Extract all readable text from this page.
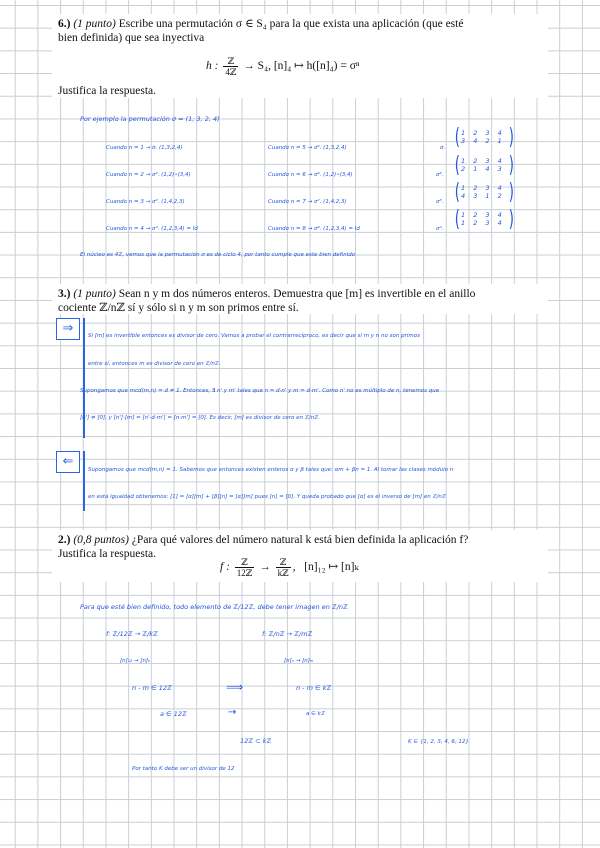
6.) (1 punto) Escribe una permutación σ ∈ S₄ para la que exista una aplicación (que esté
bien definida) que sea inyectiva
h : $\frac{\text{ℤ}}{\text{4ℤ}} \to S_4$, [n]₄ ↦ h([n]₄) = σⁿ
Justifica la respuesta.
Por ejemplo la permutación σ = (1, 3, 2, 4)
Cuando n = 1 → σ. (1,3,2,4)	Cuando n = 5 → σ⁵. (1,3,2,4)	σ. ( 1 2 3 4
3 4 2 1 )
Cuando n = 2 → σ². (1,2)∘(3,4)	Cuando n = 6 → σ⁶. (1,2)∘(3,4)	σ². ( 1 2 3 4
2 1 4 3 )
Cuando n = 3 → σ³. (1,4,2,3)	Cuando n = 7 → σ⁷. (1,4,2,3)	σ³. ( 1 2 3 4
4 3 1 2 )
Cuando n = 4 → σ⁴. (1,2,3,4) = Id	Cuando n = 8 → σ⁸. (1,2,3,4) = Id	σ⁴. ( 1 2 3 4
1 2 3 4 )
El núcleo es 4ℤ, vemos que la permutación σ es de ciclo 4, por tanto cumple que este bien definido
3.) (1 punto) Sean n y m dos números enteros. Demuestra que [m] es invertible en el anillo
cociente ℤ/nℤ sí y sólo si n y m son primos entre sí.
⇒	Si [m] es invertible entonces es divisor de cero. Vamos a probar el contrarrecíproco, es decir que si m y n no son primos
entre sí, entonces m es divisor de cero en ℤ/nℤ.
Supongamos que mcd(m,n) = d ≠ 1. Entonces, ∃ n' y m' tales que n = d·n' y m = d·m'. Como n' no es múltiplo de n, tenemos que
[n'] ≠ [0], y [n']·[m] = [n'·d·m'] = [n·m'] = [0]. Es decir, [m] es divisor de cero en ℤ/nℤ.
⇐
Supongamos que mcd(m,n) = 1. Sabemos que entonces existen enteros α y β tales que: αm + βn = 1. Al tomar las clases módulo n
en esta igualdad obtenemos: [1] = [α][m] + [β][n] = [α][m] pues [n] = [0]. Y queda probado que [α] es el inverso de [m] en ℤ/nℤ
2.) (0,8 puntos) ¿Para qué valores del número natural k está bien definida la aplicación f?
Justifica la respuesta.
f : $\frac{\text{ℤ}}{\text{12ℤ}} \to \frac{\text{ℤ}}{\text{kℤ}}$ ,   [n]₁₂ ↦ [n]ₖ
Para que esté bien definido, todo elemento de ℤ/12ℤ, debe tener imagen en ℤ/nℤ
f: ℤ/12ℤ → ℤ/kℤ	f: ℤ/nℤ → ℤ/mℤ
[n]₁₂ → [n]ₖ	[n]ₙ → [n]ₘ
n - m ∈ 12ℤ	⟹	n - m ∈ kℤ
a ∈ 12ℤ	→	a ∈ kℤ
12ℤ ⊂ kℤ	K ∈ {1, 2, 3, 4, 6, 12}
Por tanto K debe ser un divisor de 12
